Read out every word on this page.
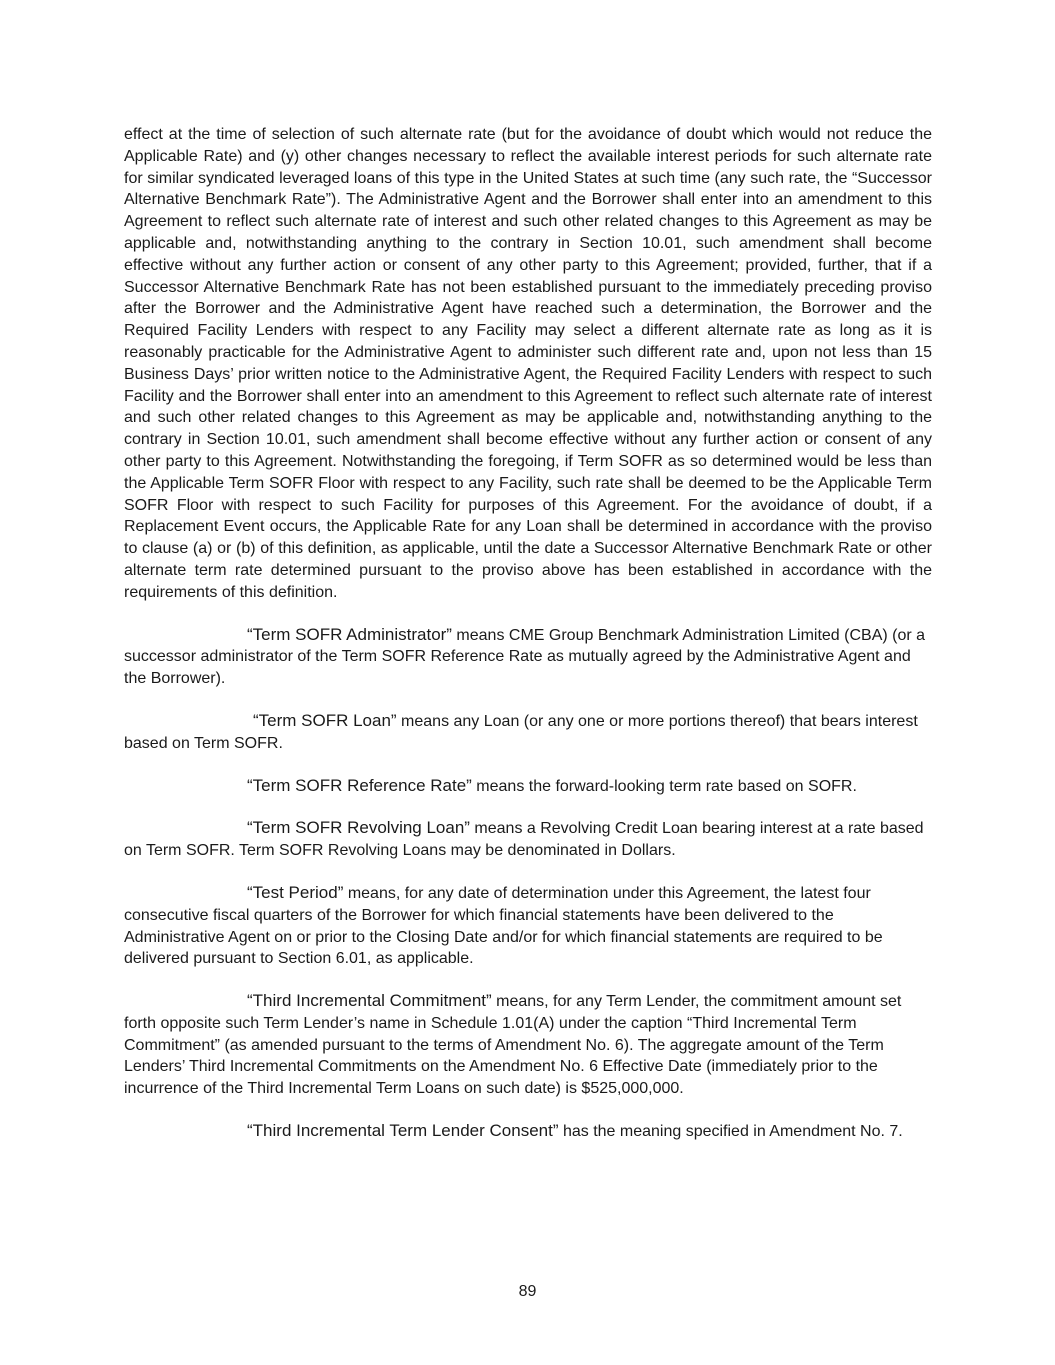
effect at the time of selection of such alternate rate (but for the avoidance of doubt which would not reduce the Applicable Rate) and (y) other changes necessary to reflect the available interest periods for such alternate rate for similar syndicated leveraged loans of this type in the United States at such time (any such rate, the “Successor Alternative Benchmark Rate”). The Administrative Agent and the Borrower shall enter into an amendment to this Agreement to reflect such alternate rate of interest and such other related changes to this Agreement as may be applicable and, notwithstanding anything to the contrary in Section 10.01, such amendment shall become effective without any further action or consent of any other party to this Agreement; provided, further, that if a Successor Alternative Benchmark Rate has not been established pursuant to the immediately preceding proviso after the Borrower and the Administrative Agent have reached such a determination, the Borrower and the Required Facility Lenders with respect to any Facility may select a different alternate rate as long as it is reasonably practicable for the Administrative Agent to administer such different rate and, upon not less than 15 Business Days’ prior written notice to the Administrative Agent, the Required Facility Lenders with respect to such Facility and the Borrower shall enter into an amendment to this Agreement to reflect such alternate rate of interest and such other related changes to this Agreement as may be applicable and, notwithstanding anything to the contrary in Section 10.01, such amendment shall become effective without any further action or consent of any other party to this Agreement. Notwithstanding the foregoing, if Term SOFR as so determined would be less than the Applicable Term SOFR Floor with respect to any Facility, such rate shall be deemed to be the Applicable Term SOFR Floor with respect to such Facility for purposes of this Agreement. For the avoidance of doubt, if a Replacement Event occurs, the Applicable Rate for any Loan shall be determined in accordance with the proviso to clause (a) or (b) of this definition, as applicable, until the date a Successor Alternative Benchmark Rate or other alternate term rate determined pursuant to the proviso above has been established in accordance with the requirements of this definition.

“Term SOFR Administrator” means CME Group Benchmark Administration Limited (CBA) (or a successor administrator of the Term SOFR Reference Rate as mutually agreed by the Administrative Agent and the Borrower).

“Term SOFR Loan” means any Loan (or any one or more portions thereof) that bears interest based on Term SOFR.

“Term SOFR Reference Rate” means the forward-looking term rate based on SOFR.

“Term SOFR Revolving Loan” means a Revolving Credit Loan bearing interest at a rate based on Term SOFR. Term SOFR Revolving Loans may be denominated in Dollars.

“Test Period” means, for any date of determination under this Agreement, the latest four consecutive fiscal quarters of the Borrower for which financial statements have been delivered to the Administrative Agent on or prior to the Closing Date and/or for which financial statements are required to be delivered pursuant to Section 6.01, as applicable.

“Third Incremental Commitment” means, for any Term Lender, the commitment amount set forth opposite such Term Lender’s name in Schedule 1.01(A) under the caption “Third Incremental Term Commitment” (as amended pursuant to the terms of Amendment No. 6). The aggregate amount of the Term Lenders’ Third Incremental Commitments on the Amendment No. 6 Effective Date (immediately prior to the incurrence of the Third Incremental Term Loans on such date) is $525,000,000.

“Third Incremental Term Lender Consent” has the meaning specified in Amendment No. 7.

89
